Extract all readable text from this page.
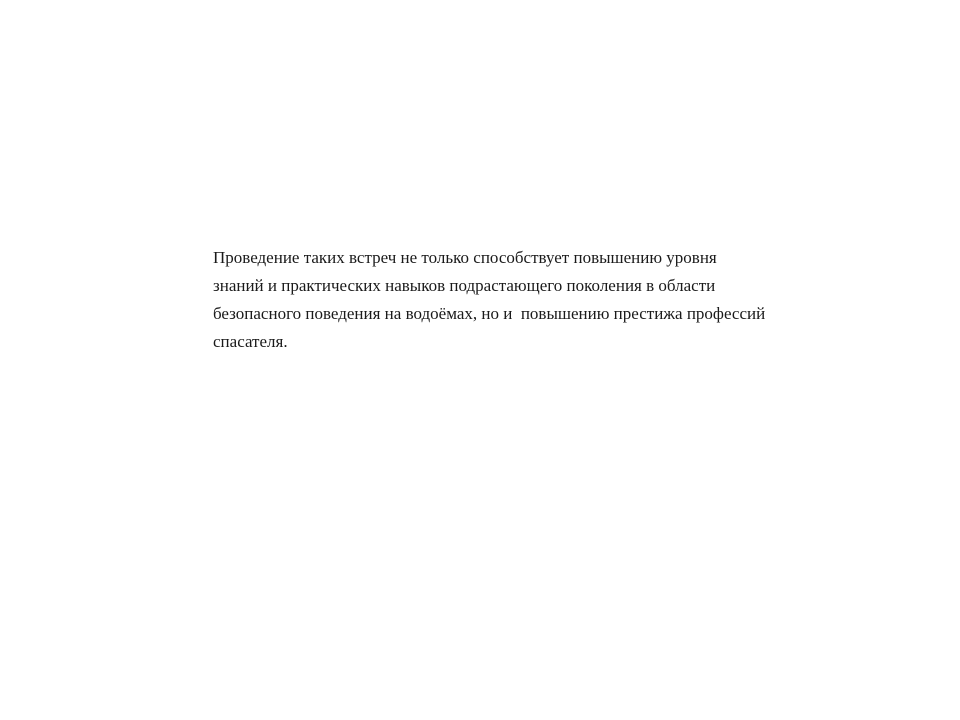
Проведение таких встреч не только способствует повышению уровня
знаний и практических навыков подрастающего поколения в области
безопасного поведения на водоёмах, но и  повышению престижа профессий
спасателя.
